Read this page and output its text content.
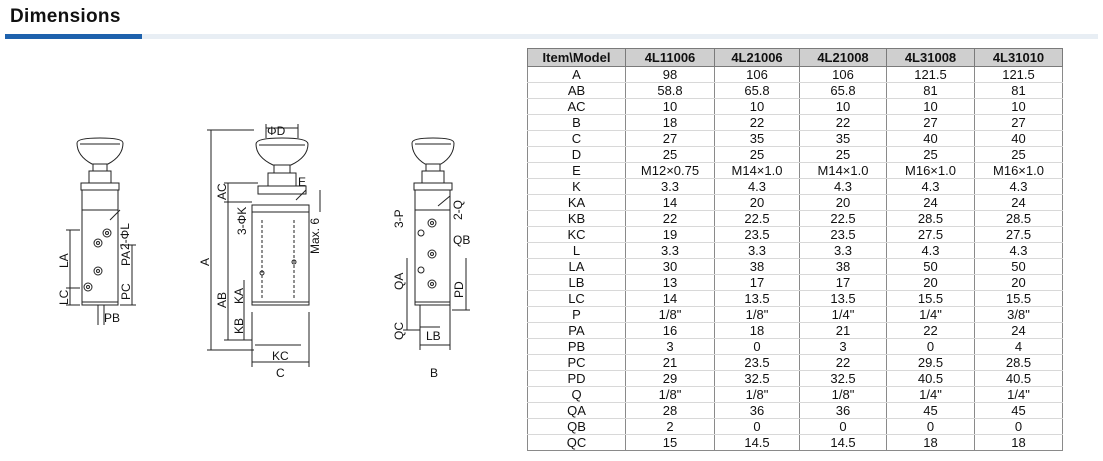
Dimensions
2-ΦL
LA	PA
PC
LC
PB
ΦD
E
AC
3-ΦK	Max. 6
A
AB KA
KB
KC
C
3-P	2-Q
QB
QA	PD
QC LB
B
Item\Model	4L11006	4L21006	4L21008	4L31008	4L31010
A	98	106	106	121.5	121.5
AB	58.8	65.8	65.8	81	81
AC	10	10	10	10	10
B	18	22	22	27	27
C	27	35	35	40	40
D	25	25	25	25	25
E	M12×0.75	M14×1.0	M14×1.0	M16×1.0	M16×1.0
K	3.3	4.3	4.3	4.3	4.3
KA	14	20	20	24	24
KB	22	22.5	22.5	28.5	28.5
KC	19	23.5	23.5	27.5	27.5
L	3.3	3.3	3.3	4.3	4.3
LA	30	38	38	50	50
LB	13	17	17	20	20
LC	14	13.5	13.5	15.5	15.5
P	1/8"	1/8"	1/4"	1/4"	3/8"
PA	16	18	21	22	24
PB	3	0	3	0	4
PC	21	23.5	22	29.5	28.5
PD	29	32.5	32.5	40.5	40.5
Q	1/8"	1/8"	1/8"	1/4"	1/4"
QA	28	36	36	45	45
QB	2	0	0	0	0
QC	15	14.5	14.5	18	18
